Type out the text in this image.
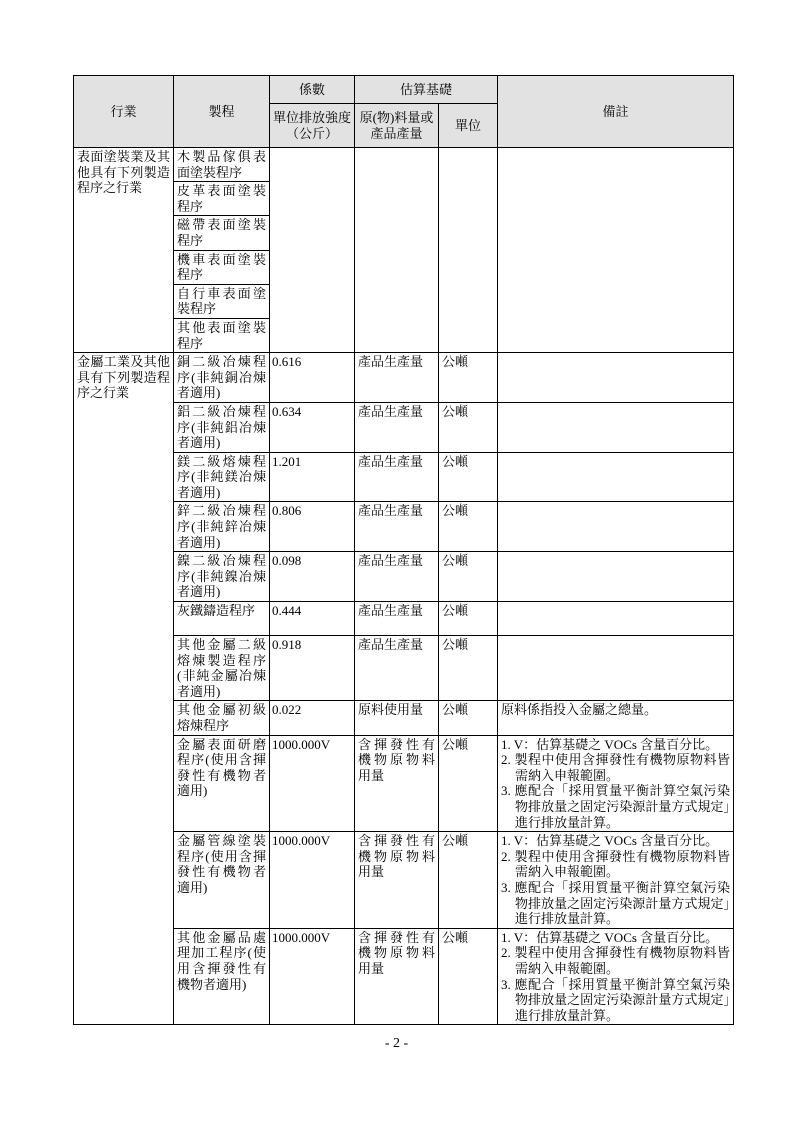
行業	製程	係數	估算基礎		備註
		單位排放強度（公斤）	原(物)料量或產品產量	單位	
表面塗裝業及其他具有下列製造程序之行業	木製品傢俱表面塗裝程序				
	皮革表面塗裝程序				
	磁帶表面塗裝程序				
	機車表面塗裝程序				
	自行車表面塗裝程序				
	其他表面塗裝程序				
金屬工業及其他具有下列製造程序之行業	銅二級冶煉程序(非純銅冶煉者適用)	0.616	產品生產量	公噸	
	鋁二級冶煉程序(非純鋁冶煉者適用)	0.634	產品生產量	公噸	
	鎂二級熔煉程序(非純鎂冶煉者適用)	1.201	產品生產量	公噸	
	鋅二級冶煉程序(非純鋅冶煉者適用)	0.806	產品生產量	公噸	
	鎳二級冶煉程序(非純鎳冶煉者適用)	0.098	產品生產量	公噸	
	灰鐵鑄造程序	0.444	產品生產量	公噸	
	其他金屬二級熔煉製造程序(非純金屬冶煉者適用)	0.918	產品生產量	公噸	
	其他金屬初級熔煉程序	0.022	原料使用量	公噸	原料係指投入金屬之總量。

	金屬表面研磨程序(使用含揮發性有機物者適用)	1000.000V	含揮發性有機物原物料用量	公噸	1. V：估算基礎之 VOCs 含量百分比。
2. 製程中使用含揮發性有機物原物料皆需納入申報範圍。
3. 應配合「採用質量平衡計算空氣污染物排放量之固定污染源計量方式規定」進行排放量計算。

	金屬管線塗裝程序(使用含揮發性有機物者適用)	1000.000V	含揮發性有機物原物料用量	公噸	1. V：估算基礎之 VOCs 含量百分比。
2. 製程中使用含揮發性有機物原物料皆需納入申報範圍。
3. 應配合「採用質量平衡計算空氣污染物排放量之固定污染源計量方式規定」進行排放量計算。

	其他金屬品處理加工程序(使用含揮發性有機物者適用)	1000.000V	含揮發性有機物原物料用量	公噸	1. V：估算基礎之 VOCs 含量百分比。
2. 製程中使用含揮發性有機物原物料皆需納入申報範圍。
3. 應配合「採用質量平衡計算空氣污染物排放量之固定污染源計量方式規定」進行排放量計算。
- 2 -
